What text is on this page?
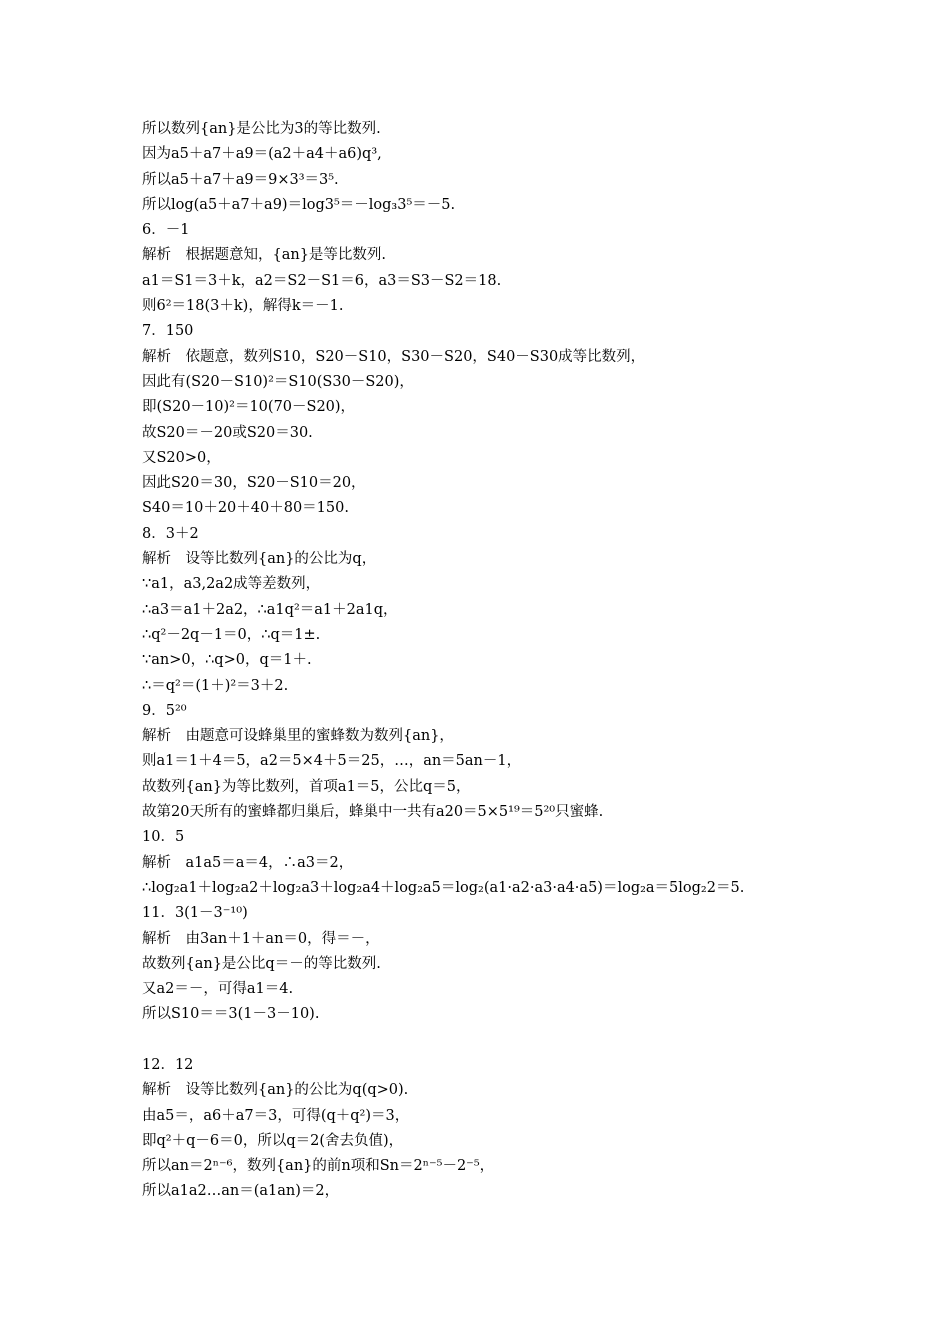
所以数列{an}是公比为3的等比数列.
因为a5＋a7＋a9＝(a2＋a4＋a6)q³,
所以a5＋a7＋a9＝9×3³＝3⁵.
所以log(a5＋a7＋a9)＝log3⁵＝－log₃3⁵＝－5.
6．－1
解析　根据题意知，{an}是等比数列.
a1＝S1＝3＋k，a2＝S2－S1＝6，a3＝S3－S2＝18.
则6²＝18(3＋k)，解得k＝－1.
7．150
解析　依题意，数列S10，S20－S10，S30－S20，S40－S30成等比数列，
因此有(S20－S10)²＝S10(S30－S20)，
即(S20－10)²＝10(70－S20)，
故S20＝－20或S20＝30.
又S20>0，
因此S20＝30，S20－S10＝20，
S40＝10＋20＋40＋80＝150.
8．3＋2
解析　设等比数列{an}的公比为q，
∵a1，a3,2a2成等差数列，
∴a3＝a1＋2a2，∴a1q²＝a1＋2a1q，
∴q²－2q－1＝0，∴q＝1±.
∵an>0，∴q>0，q＝1＋.
∴＝q²＝(1＋)²＝3＋2.
9．5²⁰
解析　由题意可设蜂巢里的蜜蜂数为数列{an}，
则a1＝1＋4＝5，a2＝5×4＋5＝25，…，an＝5an－1，
故数列{an}为等比数列，首项a1＝5，公比q＝5，
故第20天所有的蜜蜂都归巢后，蜂巢中一共有a20＝5×5¹⁹＝5²⁰只蜜蜂.
10．5
解析　a1a5＝a＝4，∴a3＝2，
∴log₂a1＋log₂a2＋log₂a3＋log₂a4＋log₂a5＝log₂(a1·a2·a3·a4·a5)＝log₂a＝5log₂2＝5.
11．3(1－3⁻¹⁰)
解析　由3an＋1＋an＝0，得＝－，
故数列{an}是公比q＝－的等比数列.
又a2＝－，可得a1＝4.
所以S10＝＝3(1－3－10).
12．12
解析　设等比数列{an}的公比为q(q>0).
由a5＝，a6＋a7＝3，可得(q＋q²)＝3，
即q²＋q－6＝0，所以q＝2(舍去负值)，
所以an＝2ⁿ⁻⁶，数列{an}的前n项和Sn＝2ⁿ⁻⁵－2⁻⁵，
所以a1a2…an＝(a1an)＝2，
